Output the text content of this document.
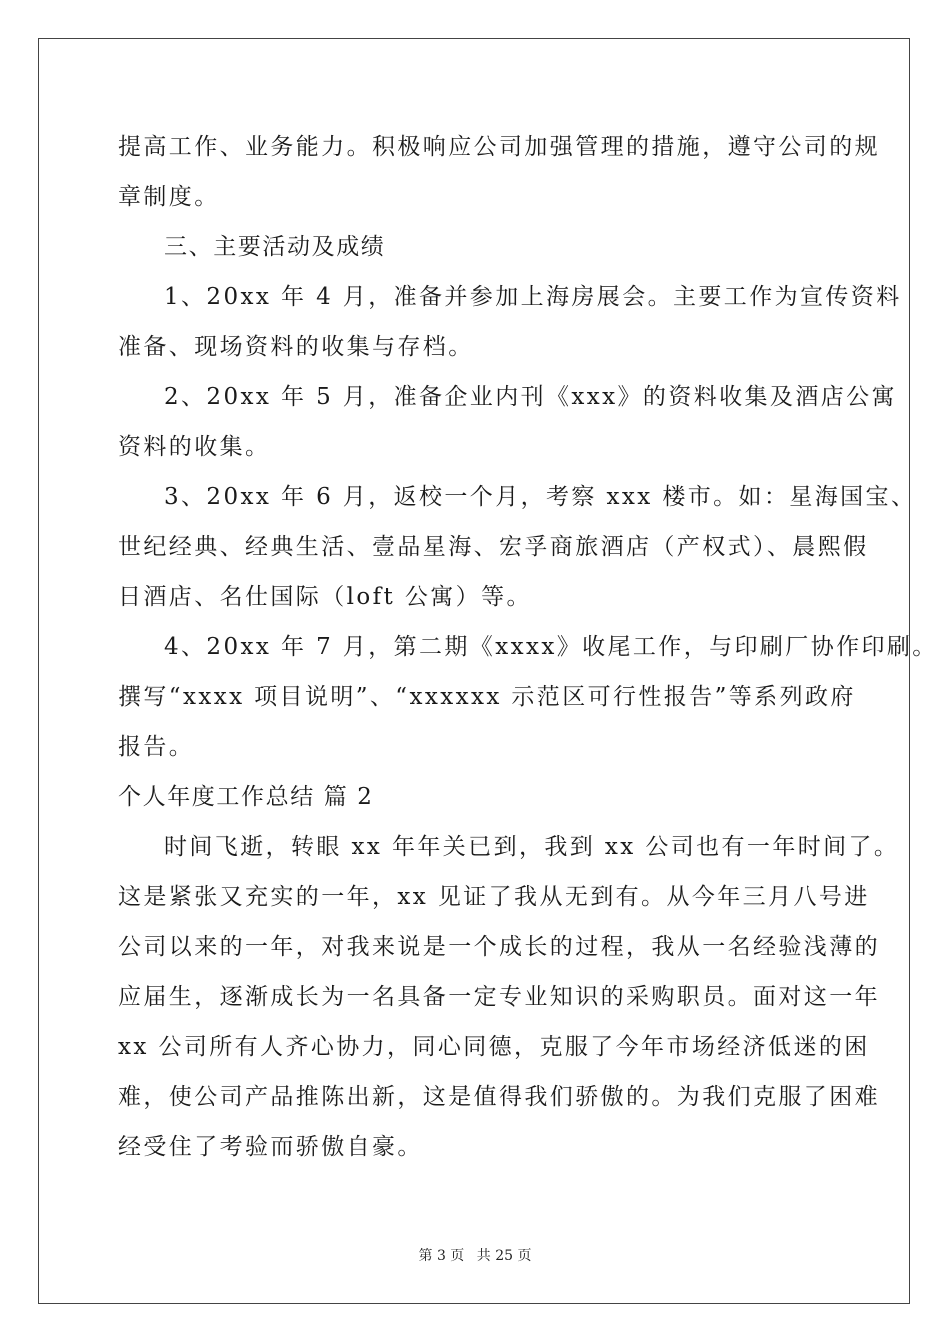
提高工作、业务能力。积极响应公司加强管理的措施，遵守公司的规
章制度。
三、主要活动及成绩
1、20xx 年 4 月，准备并参加上海房展会。主要工作为宣传资料
准备、现场资料的收集与存档。
2、20xx 年 5 月，准备企业内刊《xxx》的资料收集及酒店公寓
资料的收集。
3、20xx 年 6 月，返校一个月，考察 xxx 楼市。如：星海国宝、
世纪经典、经典生活、壹品星海、宏孚商旅酒店（产权式）、晨熙假
日酒店、名仕国际（loft 公寓）等。
4、20xx 年 7 月，第二期《xxxx》收尾工作，与印刷厂协作印刷。
撰写“xxxx 项目说明”、“xxxxxx 示范区可行性报告”等系列政府
报告。
个人年度工作总结 篇 2
时间飞逝，转眼 xx 年年关已到，我到 xx 公司也有一年时间了。
这是紧张又充实的一年，xx 见证了我从无到有。从今年三月八号进
公司以来的一年，对我来说是一个成长的过程，我从一名经验浅薄的
应届生，逐渐成长为一名具备一定专业知识的采购职员。面对这一年
xx 公司所有人齐心协力，同心同德，克服了今年市场经济低迷的困
难，使公司产品推陈出新，这是值得我们骄傲的。为我们克服了困难
经受住了考验而骄傲自豪。
第 3 页 共 25 页
